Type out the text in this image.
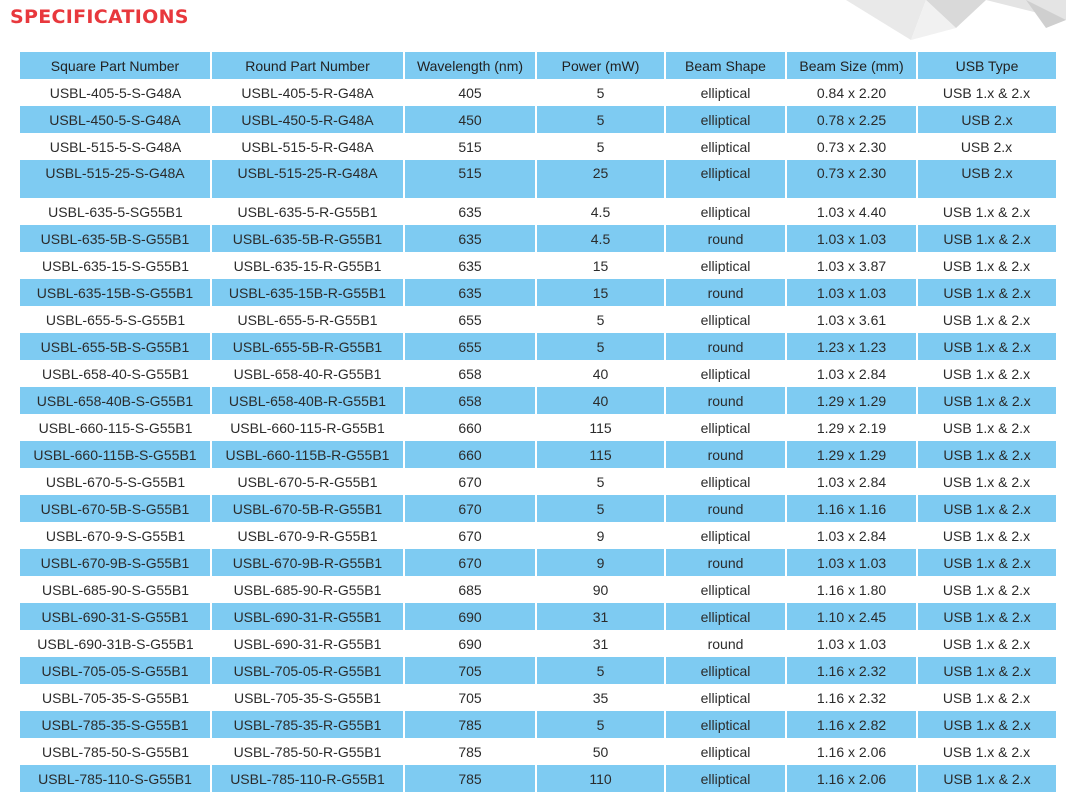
SPECIFICATIONS
Square Part Number	Round Part Number	Wavelength (nm)	Power (mW)	Beam Shape	Beam Size (mm)	USB Type
USBL-405-5-S-G48A	USBL-405-5-R-G48A	405	5	elliptical	0.84 x 2.20	USB 1.x & 2.x
USBL-450-5-S-G48A	USBL-450-5-R-G48A	450	5	elliptical	0.78 x 2.25	USB 2.x
USBL-515-5-S-G48A	USBL-515-5-R-G48A	515	5	elliptical	0.73 x 2.30	USB 2.x
USBL-515-25-S-G48A	USBL-515-25-R-G48A	515	25	elliptical	0.73 x 2.30	USB 2.x
USBL-635-5-SG55B1	USBL-635-5-R-G55B1	635	4.5	elliptical	1.03 x 4.40	USB 1.x & 2.x
USBL-635-5B-S-G55B1	USBL-635-5B-R-G55B1	635	4.5	round	1.03 x 1.03	USB 1.x & 2.x
USBL-635-15-S-G55B1	USBL-635-15-R-G55B1	635	15	elliptical	1.03 x 3.87	USB 1.x & 2.x
USBL-635-15B-S-G55B1	USBL-635-15B-R-G55B1	635	15	round	1.03 x 1.03	USB 1.x & 2.x
USBL-655-5-S-G55B1	USBL-655-5-R-G55B1	655	5	elliptical	1.03 x 3.61	USB 1.x & 2.x
USBL-655-5B-S-G55B1	USBL-655-5B-R-G55B1	655	5	round	1.23 x 1.23	USB 1.x & 2.x
USBL-658-40-S-G55B1	USBL-658-40-R-G55B1	658	40	elliptical	1.03 x 2.84	USB 1.x & 2.x
USBL-658-40B-S-G55B1	USBL-658-40B-R-G55B1	658	40	round	1.29 x 1.29	USB 1.x & 2.x
USBL-660-115-S-G55B1	USBL-660-115-R-G55B1	660	115	elliptical	1.29 x 2.19	USB 1.x & 2.x
USBL-660-115B-S-G55B1	USBL-660-115B-R-G55B1	660	115	round	1.29 x 1.29	USB 1.x & 2.x
USBL-670-5-S-G55B1	USBL-670-5-R-G55B1	670	5	elliptical	1.03 x 2.84	USB 1.x & 2.x
USBL-670-5B-S-G55B1	USBL-670-5B-R-G55B1	670	5	round	1.16 x 1.16	USB 1.x & 2.x
USBL-670-9-S-G55B1	USBL-670-9-R-G55B1	670	9	elliptical	1.03 x 2.84	USB 1.x & 2.x
USBL-670-9B-S-G55B1	USBL-670-9B-R-G55B1	670	9	round	1.03 x 1.03	USB 1.x & 2.x
USBL-685-90-S-G55B1	USBL-685-90-R-G55B1	685	90	elliptical	1.16 x 1.80	USB 1.x & 2.x
USBL-690-31-S-G55B1	USBL-690-31-R-G55B1	690	31	elliptical	1.10 x 2.45	USB 1.x & 2.x
USBL-690-31B-S-G55B1	USBL-690-31-R-G55B1	690	31	round	1.03 x 1.03	USB 1.x & 2.x
USBL-705-05-S-G55B1	USBL-705-05-R-G55B1	705	5	elliptical	1.16 x 2.32	USB 1.x & 2.x
USBL-705-35-S-G55B1	USBL-705-35-S-G55B1	705	35	elliptical	1.16 x 2.32	USB 1.x & 2.x
USBL-785-35-S-G55B1	USBL-785-35-R-G55B1	785	5	elliptical	1.16 x 2.82	USB 1.x & 2.x
USBL-785-50-S-G55B1	USBL-785-50-R-G55B1	785	50	elliptical	1.16 x 2.06	USB 1.x & 2.x
USBL-785-110-S-G55B1	USBL-785-110-R-G55B1	785	110	elliptical	1.16 x 2.06	USB 1.x & 2.x
